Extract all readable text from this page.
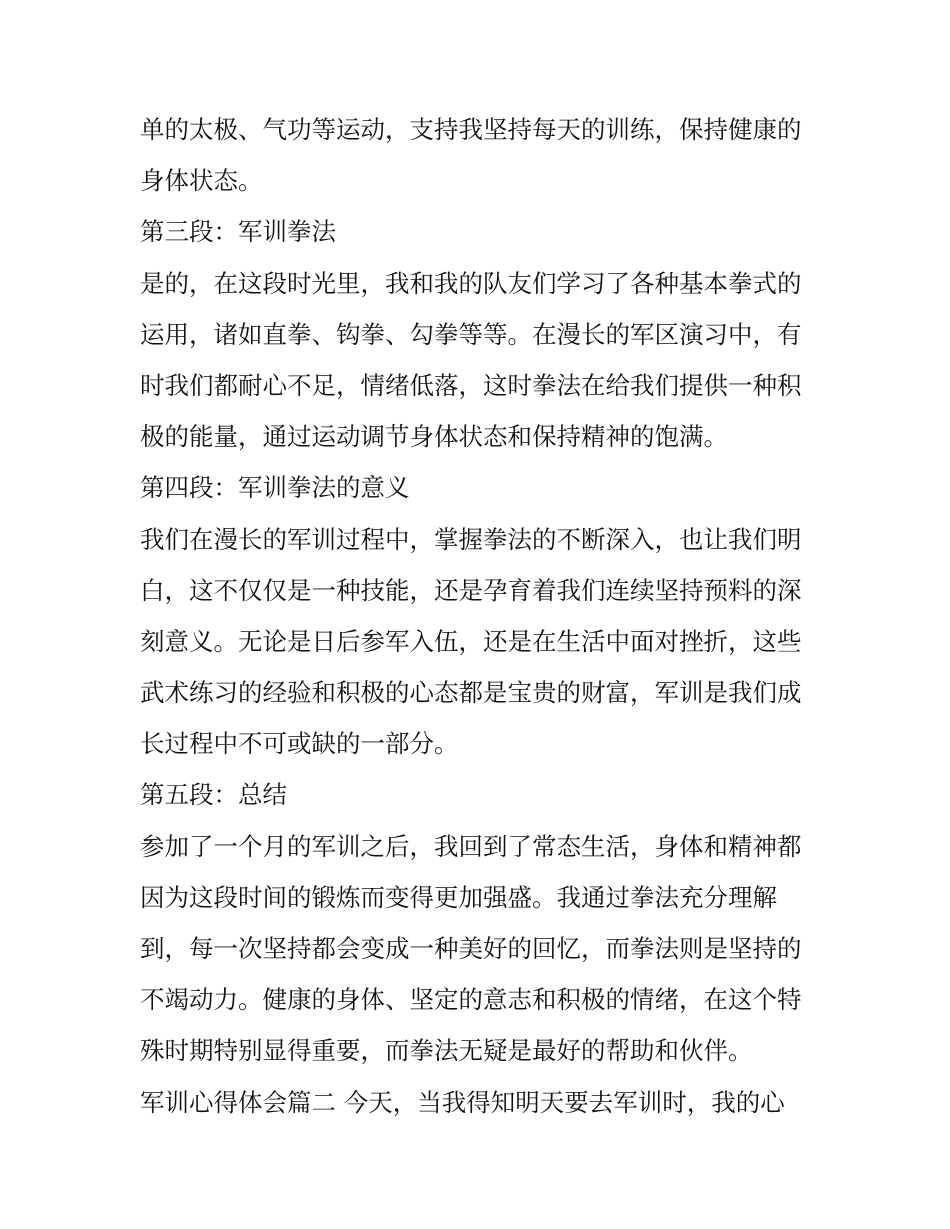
单的太极、气功等运动，支持我坚持每天的训练，保持健康的
身体状态。
第三段：军训拳法
是的，在这段时光里，我和我的队友们学习了各种基本拳式的
运用，诸如直拳、钩拳、勾拳等等。在漫长的军区演习中，有
时我们都耐心不足，情绪低落，这时拳法在给我们提供一种积
极的能量，通过运动调节身体状态和保持精神的饱满。
第四段：军训拳法的意义
我们在漫长的军训过程中，掌握拳法的不断深入，也让我们明
白，这不仅仅是一种技能，还是孕育着我们连续坚持预料的深
刻意义。无论是日后参军入伍，还是在生活中面对挫折，这些
武术练习的经验和积极的心态都是宝贵的财富，军训是我们成
长过程中不可或缺的一部分。
第五段：总结
参加了一个月的军训之后，我回到了常态生活，身体和精神都
因为这段时间的锻炼而变得更加强盛。我通过拳法充分理解
到，每一次坚持都会变成一种美好的回忆，而拳法则是坚持的
不竭动力。健康的身体、坚定的意志和积极的情绪，在这个特
殊时期特别显得重要，而拳法无疑是最好的帮助和伙伴。
军训心得体会篇二 今天，当我得知明天要去军训时，我的心
